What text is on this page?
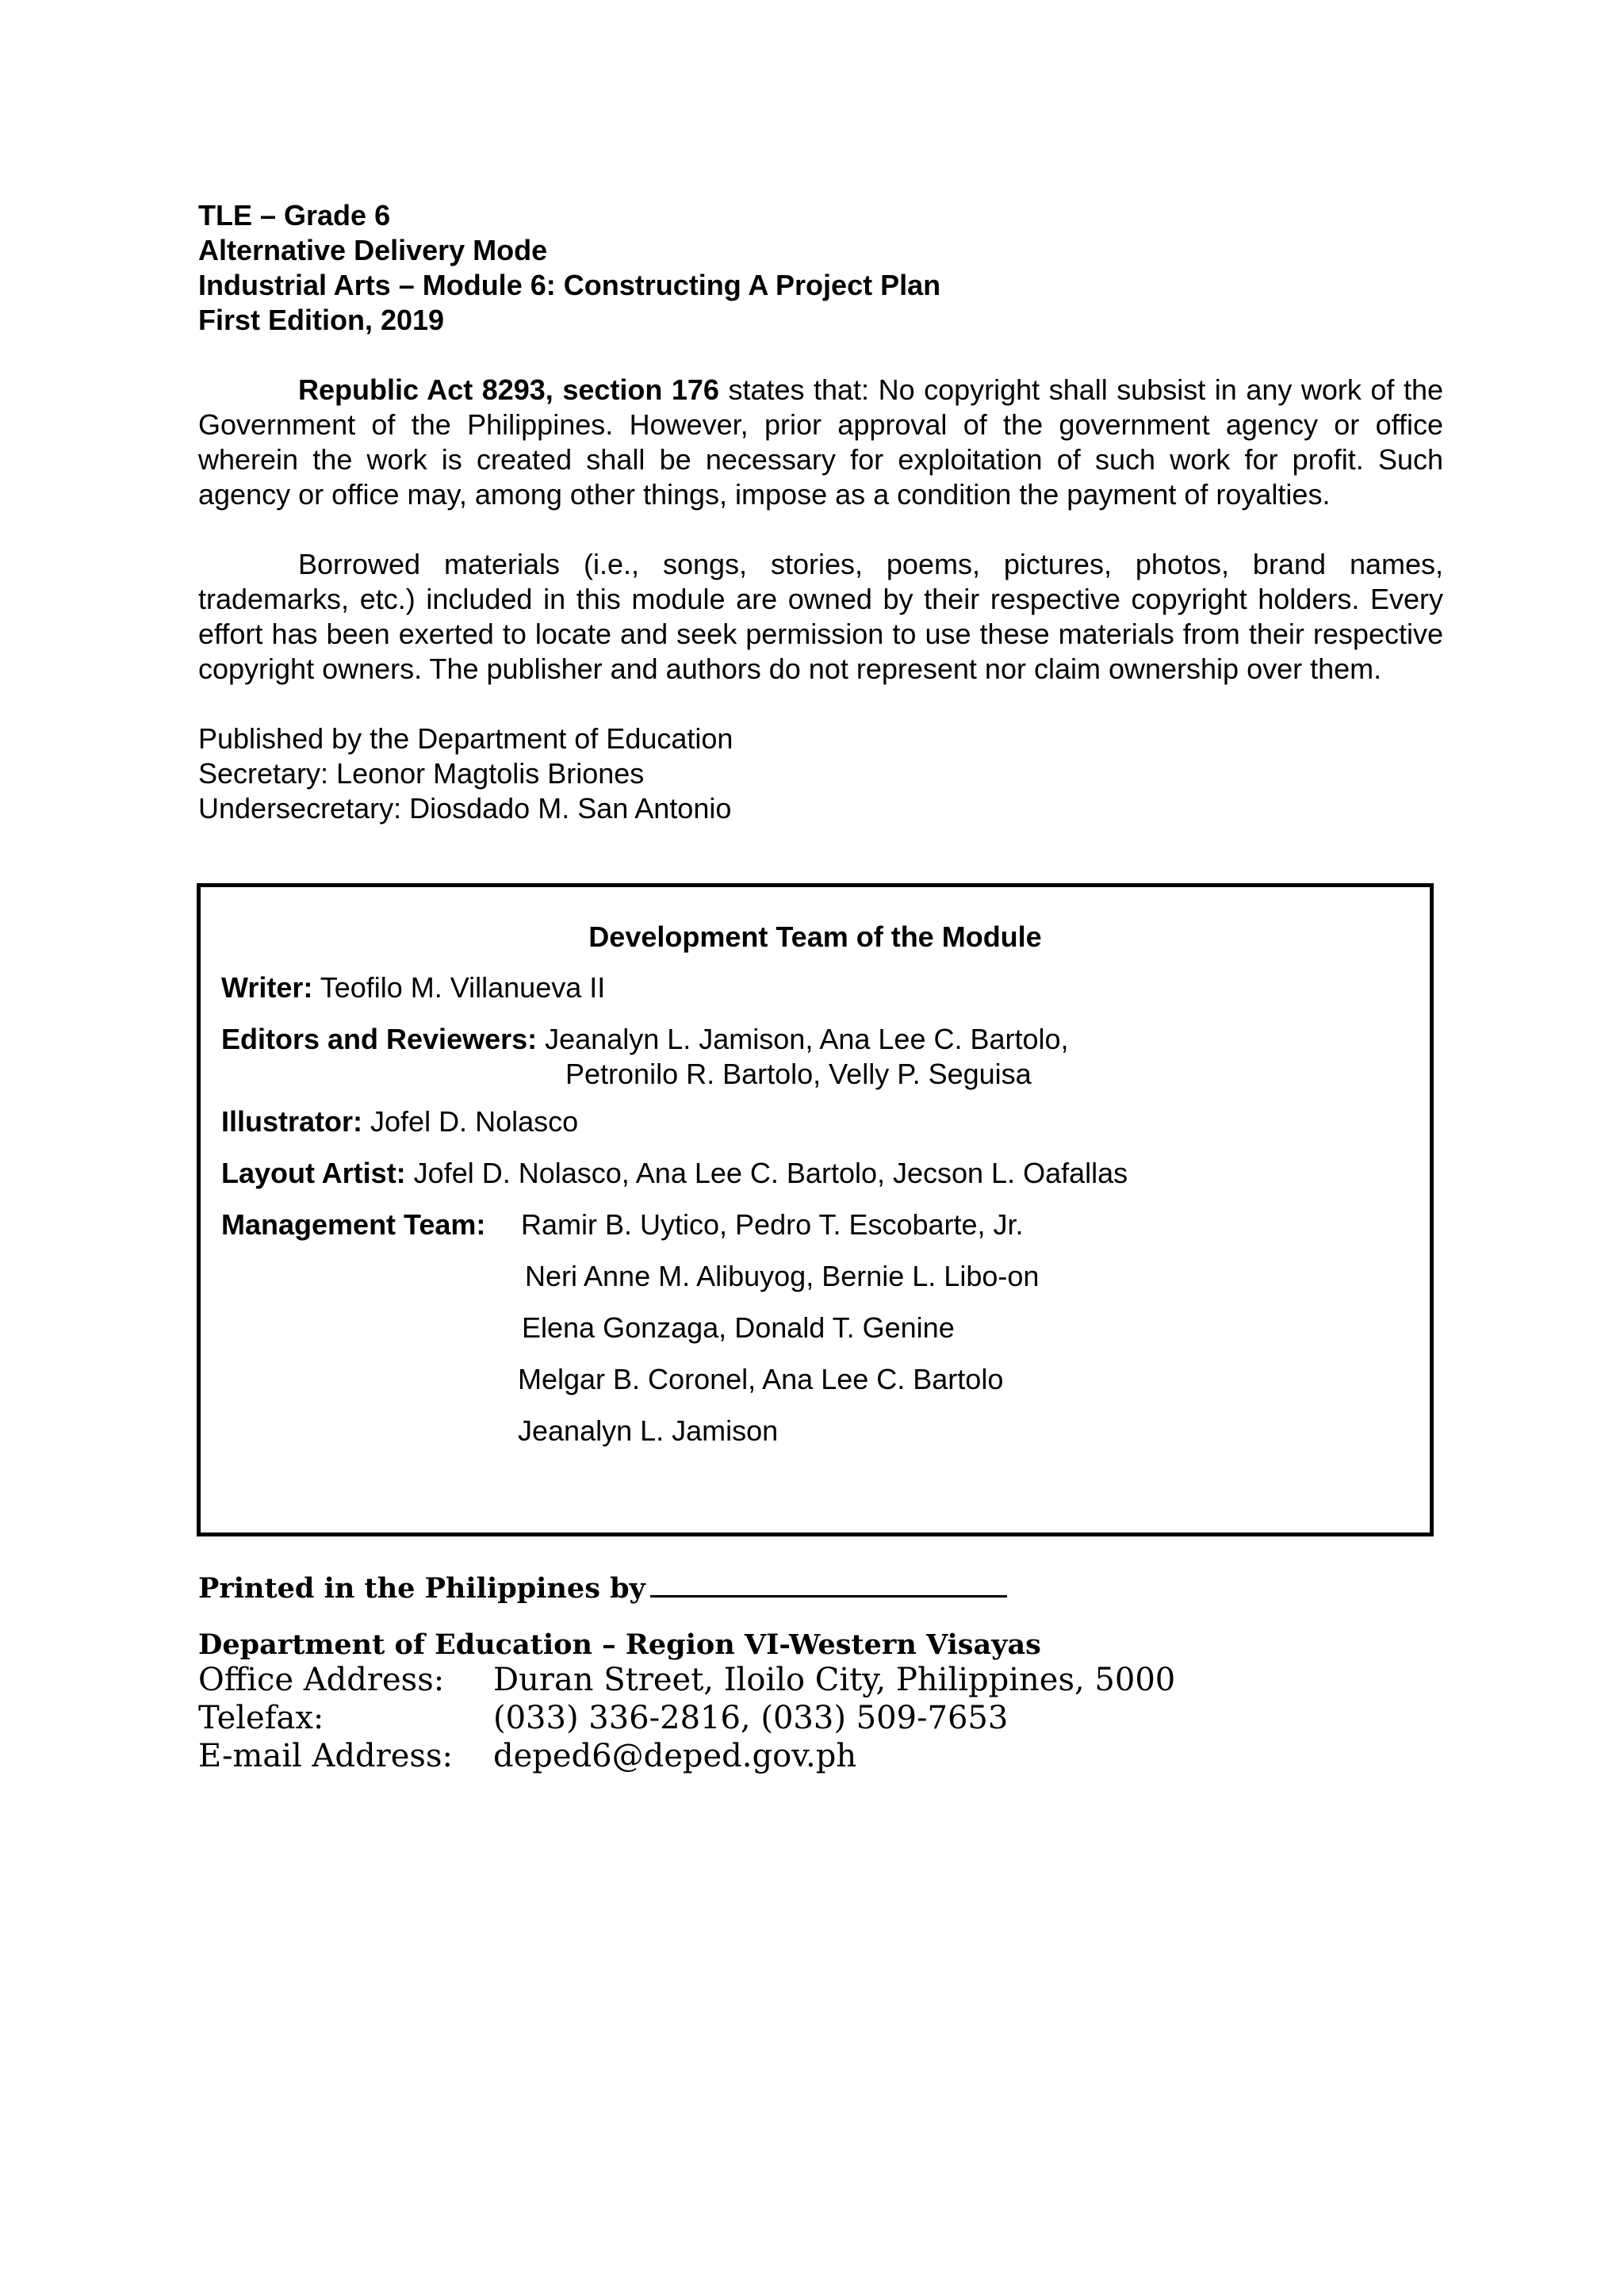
TLE – Grade 6
Alternative Delivery Mode
Industrial Arts – Module 6: Constructing A Project Plan
First Edition, 2019
Republic Act 8293, section 176 states that: No copyright shall subsist in any work of the Government of the Philippines. However, prior approval of the government agency or office wherein the work is created shall be necessary for exploitation of such work for profit. Such agency or office may, among other things, impose as a condition the payment of royalties.
Borrowed materials (i.e., songs, stories, poems, pictures, photos, brand names, trademarks, etc.) included in this module are owned by their respective copyright holders. Every effort has been exerted to locate and seek permission to use these materials from their respective copyright owners. The publisher and authors do not represent nor claim ownership over them.
Published by the Department of Education
Secretary: Leonor Magtolis Briones
Undersecretary: Diosdado M. San Antonio
Development Team of the Module
Writer: Teofilo M. Villanueva II
Editors and Reviewers: Jeanalyn L. Jamison, Ana Lee C. Bartolo,
Petronilo R. Bartolo, Velly P. Seguisa
Illustrator: Jofel D. Nolasco
Layout Artist: Jofel D. Nolasco, Ana Lee C. Bartolo, Jecson L. Oafallas
Management Team: Ramir B. Uytico, Pedro T. Escobarte, Jr.
Neri Anne M. Alibuyog, Bernie L. Libo-on
Elena Gonzaga, Donald T. Genine
Melgar B. Coronel, Ana Lee C. Bartolo
Jeanalyn L. Jamison
Printed in the Philippines by
Department of Education – Region VI-Western Visayas
Office Address: Duran Street, Iloilo City, Philippines, 5000
Telefax:	(033) 336-2816, (033) 509-7653
E-mail Address: deped6@deped.gov.ph
